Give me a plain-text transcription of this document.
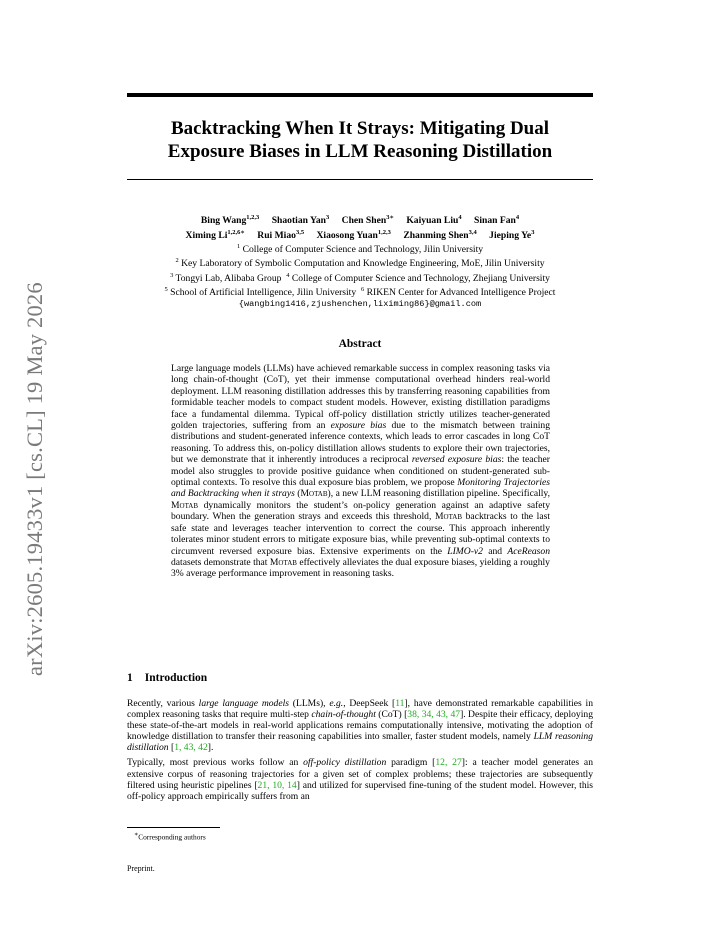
arXiv:2605.19433v1 [cs.CL] 19 May 2026
Backtracking When It Strays: Mitigating Dual
Exposure Biases in LLM Reasoning Distillation
Bing Wang$^{1,2,3}$ Shaotian Yan$^3$ Chen Shen$^{3∗}$ Kaiyuan Liu$^4$ Sinan Fan$^4$
Ximing $Li^{1,2,6∗}$ Rui Miao$^{3,5}$ Xiaosong Yuan$^{1,2,3}$ Zhanming Shen$^{3,4}$ Jieping Ye$^3$
$^1$ College of Computer Science and Technology, Jilin University
$^2$ Key Laboratory of Symbolic Computation and Knowledge Engineering, MoE, Jilin University
$^3$ Tongyi Lab, Alibaba Group $^4$ College of Computer Science and Technology, Zhejiang University
$^5$ School of Artificial Intelligence, Jilin University $^6$ RIKEN Center for Advanced Intelligence Project
{wangbing1416,zjushenchen,liximing86}@gmail.com
Abstract

Large language models (LLMs) have achieved remarkable success in complex reasoning tasks via long chain-of-thought (CoT), yet their immense computational overhead hinders real-world deployment. LLM reasoning distillation addresses this by transferring reasoning capabilities from formidable teacher models to compact student models. However, existing distillation paradigms face a fundamental dilemma. Typical off-policy distillation strictly utilizes teacher-generated golden trajectories, suffering from an exposure bias due to the mismatch between training distributions and student-generated inference contexts, which leads to error cascades in long CoT reasoning. To address this, on-policy distillation allows students to explore their own trajectories, but we demonstrate that it inherently introduces a reciprocal reversed exposure bias: the teacher model also struggles to provide positive guidance when conditioned on student-generated sub-optimal contexts. To resolve this dual exposure bias problem, we propose Monitoring Trajectories and Backtracking when it strays (Motab), a new LLM reasoning distillation pipeline. Specifically, Motab dynamically monitors the student’s on-policy generation against an adaptive safety boundary. When the generation strays and exceeds this threshold, Motab backtracks to the last safe state and leverages teacher intervention to correct the course. This approach inherently tolerates minor student errors to mitigate exposure bias, while preventing sub-optimal contexts to circumvent reversed exposure bias. Extensive experiments on the LIMO-v2 and AceReason datasets demonstrate that Motab effectively alleviates the dual exposure biases, yielding a roughly 3% average performance improvement in reasoning tasks.

1 Introduction

Recently, various large language models (LLMs), e.g., DeepSeek [11], have demonstrated remarkable capabilities in complex reasoning tasks that require multi-step chain-of-thought (CoT) [38, 34, 43, 47]. Despite their efficacy, deploying these state-of-the-art models in real-world applications remains computationally intensive, motivating the adoption of knowledge distillation to transfer their reasoning capabilities into smaller, faster student models, namely LLM reasoning distillation [1, 43, 42].

Typically, most previous works follow an off-policy distillation paradigm [12, 27]: a teacher model generates an extensive corpus of reasoning trajectories for a given set of complex problems; these trajectories are subsequently filtered using heuristic pipelines [21, 10, 14] and utilized for supervised fine-tuning of the student model. However, this off-policy approach empirically suffers from an

∗Corresponding authors
Preprint.
